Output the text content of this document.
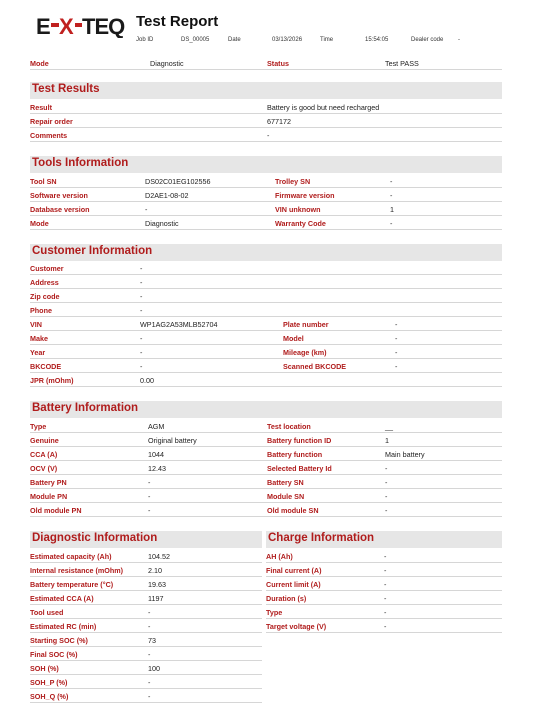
E X TEQ Test Report
Job ID	DS_00005	Date	03/13/2026	Time	15:54:05	Dealer code -
Mode	Diagnostic	Status	Test PASS
Test Results
Result	Battery is good but need recharged
Repair order	677172
Comments	-
Tools Information
Tool SN	DS02C01EG102556	Trolley SN	-
Software version	D2AE1-08-02	Firmware version	-
Database version	-	VIN unknown	1
Mode	Diagnostic	Warranty Code	-
Customer Information
Customer	-
Address	-
Zip code	-
Phone	-
VIN	WP1AG2A53MLB52704	Plate number	-
Make	-	Model	-
Year	-	Mileage (km)	-
BKCODE	-	Scanned BKCODE	-
JPR (mOhm)	0.00
Battery Information
Type	AGM	Test location	__
Genuine	Original battery	Battery function ID	1
CCA (A)	1044	Battery function	Main battery
OCV (V)	12.43	Selected Battery Id	-
Battery PN	-	Battery SN	-
Module PN	-	Module SN	-
Old module PN	-	Old module SN	-
Diagnostic Information	Charge Information
Estimated capacity (Ah)	104.52
Internal resistance (mOhm)	2.10
Battery temperature (°C)	19.63
Estimated CCA (A)	1197
Tool used	-
Estimated RC (min)	-
Starting SOC (%)	73
Final SOC (%)	-
SOH (%)	100
SOH_P (%)	-
SOH_Q (%)	-
AH (Ah)	-
Final current (A)	-
Current limit (A)	-
Duration (s)	-
Type	-
Target voltage (V)	-
